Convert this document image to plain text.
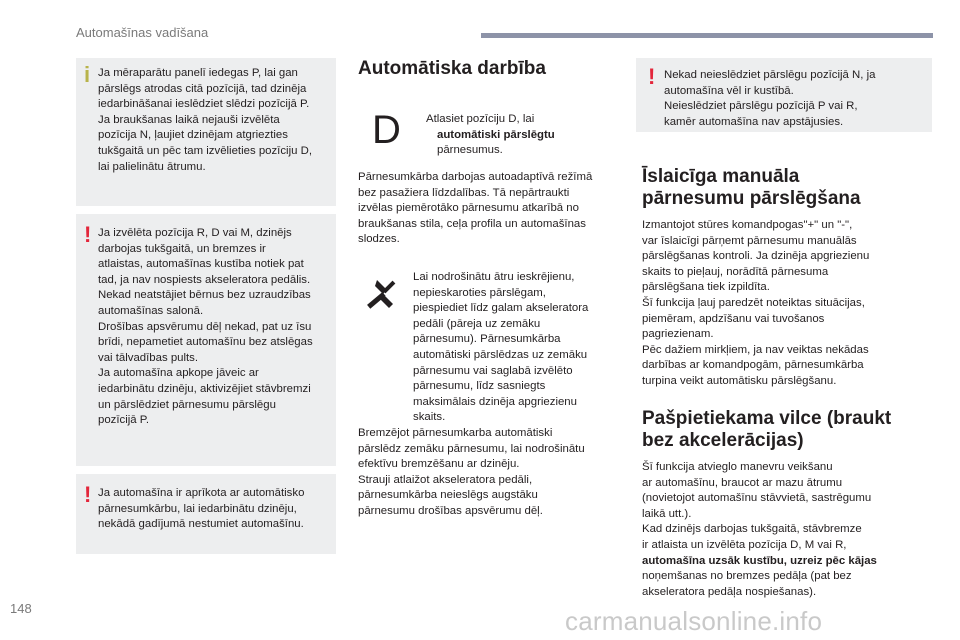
Automašīnas vadīšana
i Ja mēraparātu panelī iedegas P, lai gan
pārslēgs atrodas citā pozīcijā, tad dzinēja
iedarbināšanai ieslēdziet slēdzi pozīcijā P.
Ja braukšanas laikā nejauši izvēlēta
pozīcija N, ļaujiet dzinējam atgriezties
tukšgaitā un pēc tam izvēlieties pozīciju D,
lai palielinātu ātrumu.
! Ja izvēlēta pozīcija R, D vai M, dzinējs
darbojas tukšgaitā, un bremzes ir
atlaistas, automašīnas kustība notiek pat
tad, ja nav nospiests akseleratora pedālis.
Nekad neatstājiet bērnus bez uzraudzības
automašīnas salonā.
Drošības apsvērumu dēļ nekad, pat uz īsu
brīdi, nepametiet automašīnu bez atslēgas
vai tālvadības pults.
Ja automašīna apkope jāveic ar
iedarbinātu dzinēju, aktivizējiet stāvbremzi
un pārslēdziet pārnesumu pārslēgu
pozīcijā P.
! Ja automašīna ir aprīkota ar automātisko
pārnesumkārbu, lai iedarbinātu dzinēju,
nekādā gadījumā nestumiet automašīnu.
Automātiska darbība
D	Atlasiet pozīciju D, lai
automātiski pārslēgtu
pārnesumus.
Pārnesumkārba darbojas autoadaptīvā režīmā
bez pasažiera līdzdalības. Tā nepārtraukti
izvēlas piemērotāko pārnesumu atkarībā no
braukšanas stila, ceļa profila un automašīnas
slodzes.
Lai nodrošinātu ātru ieskrējienu,
nepieskaroties pārslēgam,
piespiediet līdz galam akseleratora
pedāli (pāreja uz zemāku
pārnesumu). Pārnesumkārba
automātiski pārslēdzas uz zemāku
pārnesumu vai saglabā izvēlēto
pārnesumu, līdz sasniegts
maksimālais dzinēja apgriezienu
skaits.
Bremzējot pārnesumkarba automātiski
pārslēdz zemāku pārnesumu, lai nodrošinātu
efektīvu bremzēšanu ar dzinēju.
Strauji atlaižot akseleratora pedāli,
pārnesumkārba neieslēgs augstāku
pārnesumu drošības apsvērumu dēļ.
! Nekad neieslēdziet pārslēgu pozīcijā N, ja
automašīna vēl ir kustībā.
Neieslēdziet pārslēgu pozīcijā P vai R,
kamēr automašīna nav apstājusies.
Īslaicīga manuāla
pārnesumu pārslēgšana
Izmantojot stūres komandpogas"+" un "-",
var īslaicīgi pārņemt pārnesumu manuālās
pārslēgšanas kontroli. Ja dzinēja apgriezienu
skaits to pieļauj, norādītā pārnesuma
pārslēgšana tiek izpildīta.
Šī funkcija ļauj paredzēt noteiktas situācijas,
piemēram, apdzīšanu vai tuvošanos
pagriezienam.
Pēc dažiem mirkļiem, ja nav veiktas nekādas
darbības ar komandpogām, pārnesumkārba
turpina veikt automātisku pārslēgšanu.
Pašpietiekama vilce (braukt
bez akcelerācijas)
Šī funkcija atvieglo manevru veikšanu
ar automašīnu, braucot ar mazu ātrumu
(novietojot automašīnu stāvvietā, sastrēgumu
laikā utt.).
Kad dzinējs darbojas tukšgaitā, stāvbremze
ir atlaista un izvēlēta pozīcija D, M vai R,
automašīna uzsāk kustību, uzreiz pēc kājas
noņemšanas no bremzes pedāļa (pat bez
akseleratora pedāļa nospiešanas).
148	carmanualsonline.info
